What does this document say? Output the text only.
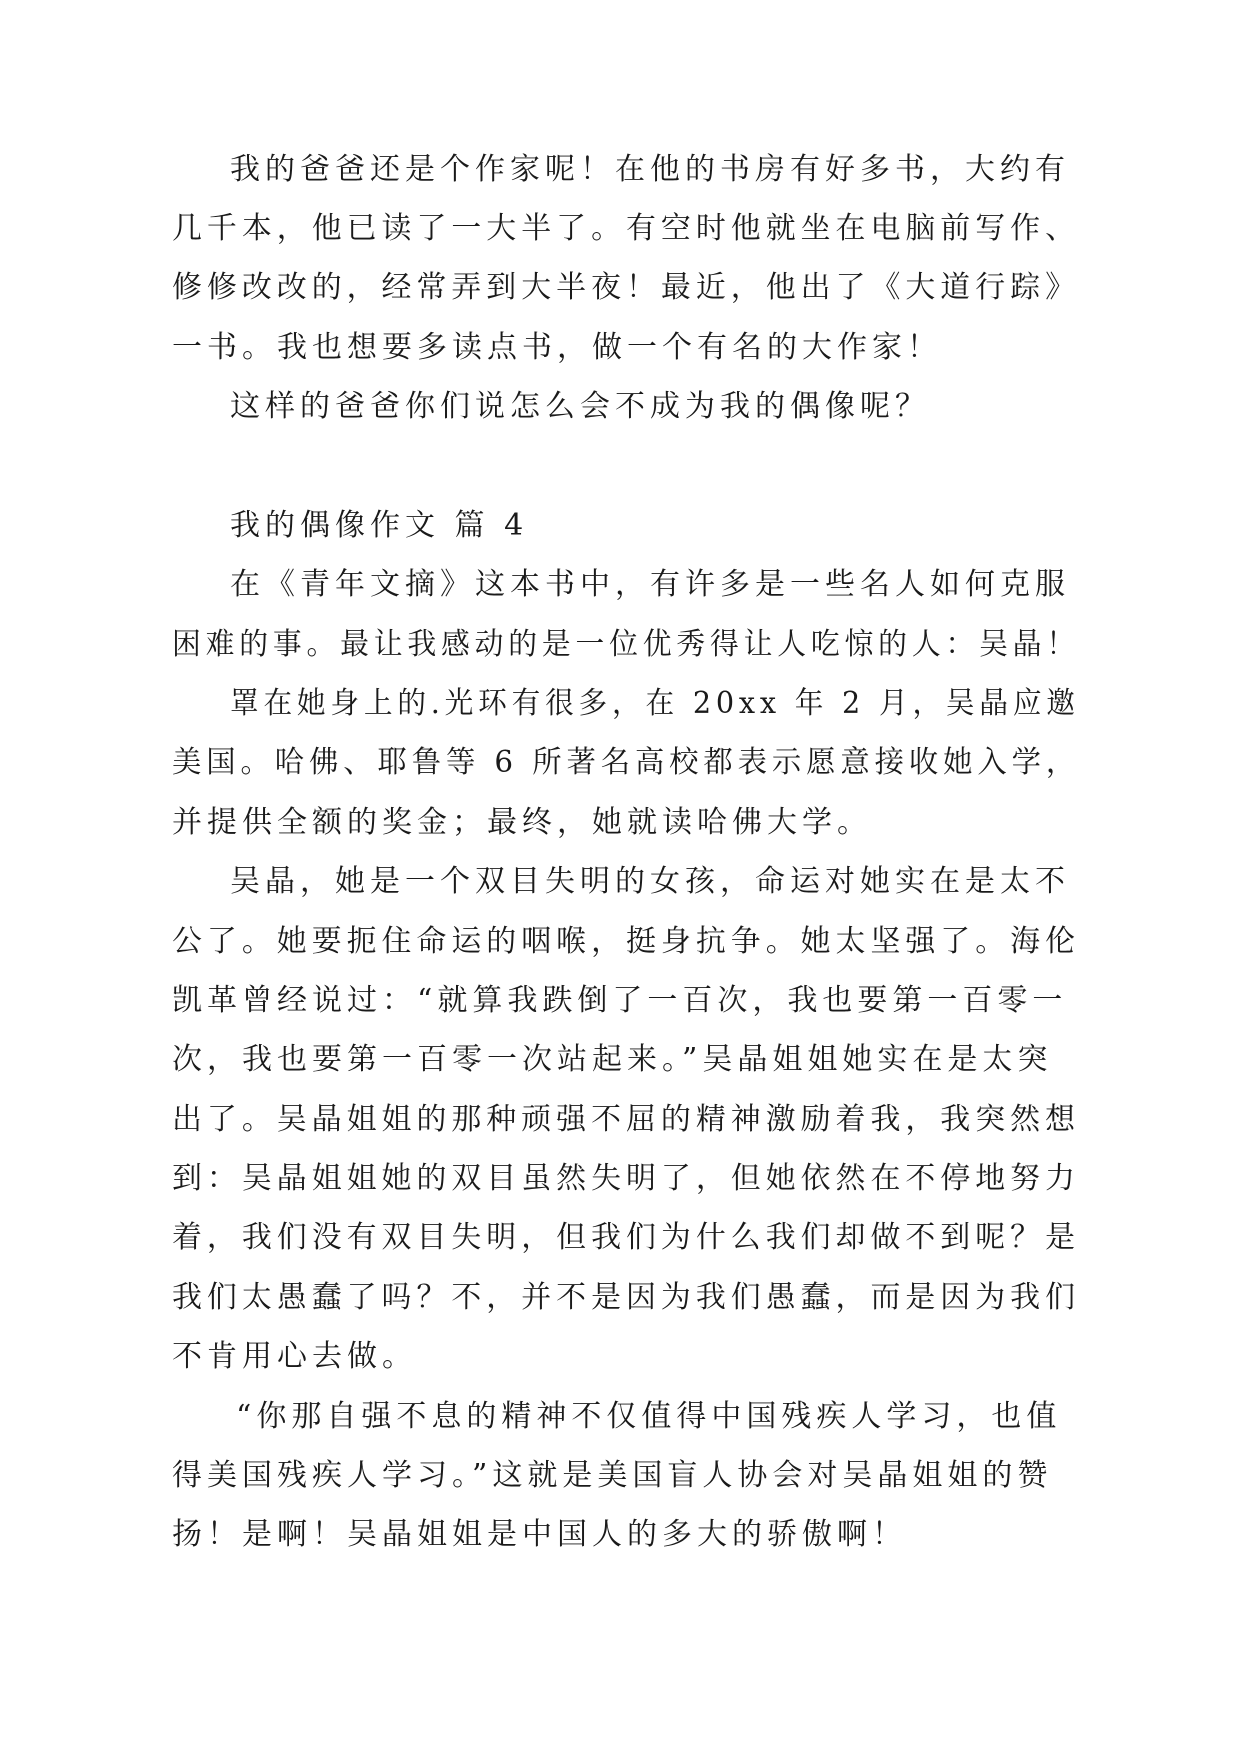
我的爸爸还是个作家呢！在他的书房有好多书，大约有
几千本，他已读了一大半了。有空时他就坐在电脑前写作、
修修改改的，经常弄到大半夜！最近，他出了《大道行踪》
一书。我也想要多读点书，做一个有名的大作家！
这样的爸爸你们说怎么会不成为我的偶像呢？
我的偶像作文 篇 4
在《青年文摘》这本书中，有许多是一些名人如何克服
困难的事。最让我感动的是一位优秀得让人吃惊的人：吴晶！
罩在她身上的.光环有很多，在 20xx 年 2 月，吴晶应邀
美国。哈佛、耶鲁等 6 所著名高校都表示愿意接收她入学，
并提供全额的奖金；最终，她就读哈佛大学。
吴晶，她是一个双目失明的女孩，命运对她实在是太不
公了。她要扼住命运的咽喉，挺身抗争。她太坚强了。海伦
凯革曾经说过：“就算我跌倒了一百次，我也要第一百零一
次，我也要第一百零一次站起来。”吴晶姐姐她实在是太突
出了。吴晶姐姐的那种顽强不屈的精神激励着我，我突然想
到：吴晶姐姐她的双目虽然失明了，但她依然在不停地努力
着，我们没有双目失明，但我们为什么我们却做不到呢？是
我们太愚蠢了吗？不，并不是因为我们愚蠢，而是因为我们
不肯用心去做。
“你那自强不息的精神不仅值得中国残疾人学习，也值
得美国残疾人学习。”这就是美国盲人协会对吴晶姐姐的赞
扬！是啊！吴晶姐姐是中国人的多大的骄傲啊！
